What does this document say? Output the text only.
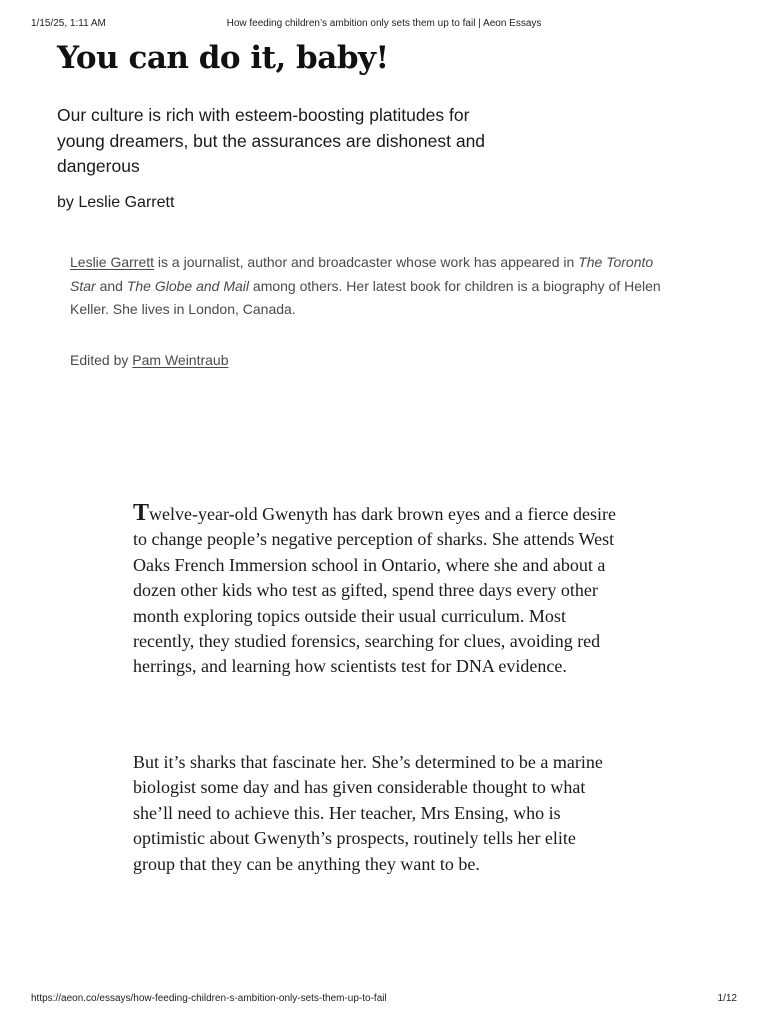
1/15/25, 1:11 AM	How feeding children’s ambition only sets them up to fail | Aeon Essays
You can do it, baby!

Our culture is rich with esteem-boosting platitudes for young dreamers, but the assurances are dishonest and dangerous

by Leslie Garrett

Leslie Garrett is a journalist, author and broadcaster whose work has appeared in The Toronto Star and The Globe and Mail among others. Her latest book for children is a biography of Helen Keller. She lives in London, Canada.

Edited by Pam Weintraub

Twelve-year-old Gwenyth has dark brown eyes and a fierce desire to change people’s negative perception of sharks. She attends West Oaks French Immersion school in Ontario, where she and about a dozen other kids who test as gifted, spend three days every other month exploring topics outside their usual curriculum. Most recently, they studied forensics, searching for clues, avoiding red herrings, and learning how scientists test for DNA evidence.

But it’s sharks that fascinate her. She’s determined to be a marine biologist some day and has given considerable thought to what she’ll need to achieve this. Her teacher, Mrs Ensing, who is optimistic about Gwenyth’s prospects, routinely tells her elite group that they can be anything they want to be.

https://aeon.co/essays/how-feeding-children-s-ambition-only-sets-them-up-to-fail	1/12
